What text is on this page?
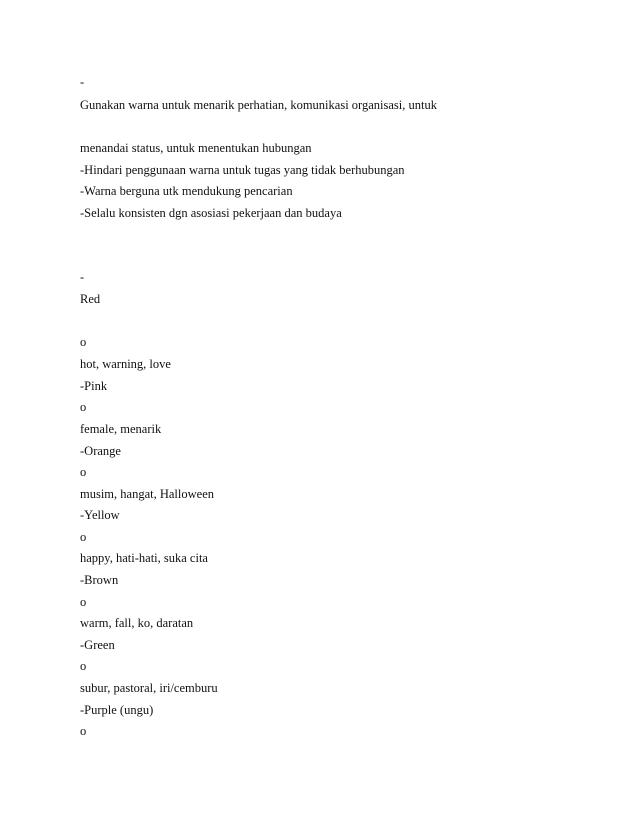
-
Gunakan warna untuk menarik perhatian, komunikasi organisasi, untuk
menandai status, untuk menentukan hubungan
-Hindari penggunaan warna untuk tugas yang tidak berhubungan
-Warna berguna utk mendukung pencarian
-Selalu konsisten dgn asosiasi pekerjaan dan budaya
-
Red
o
hot, warning, love
-Pink
o
female, menarik
-Orange
o
musim, hangat, Halloween
-Yellow
o
happy, hati-hati, suka cita
-Brown
o
warm, fall, ko, daratan
-Green
o
subur, pastoral, iri/cemburu
-Purple (ungu)
o
